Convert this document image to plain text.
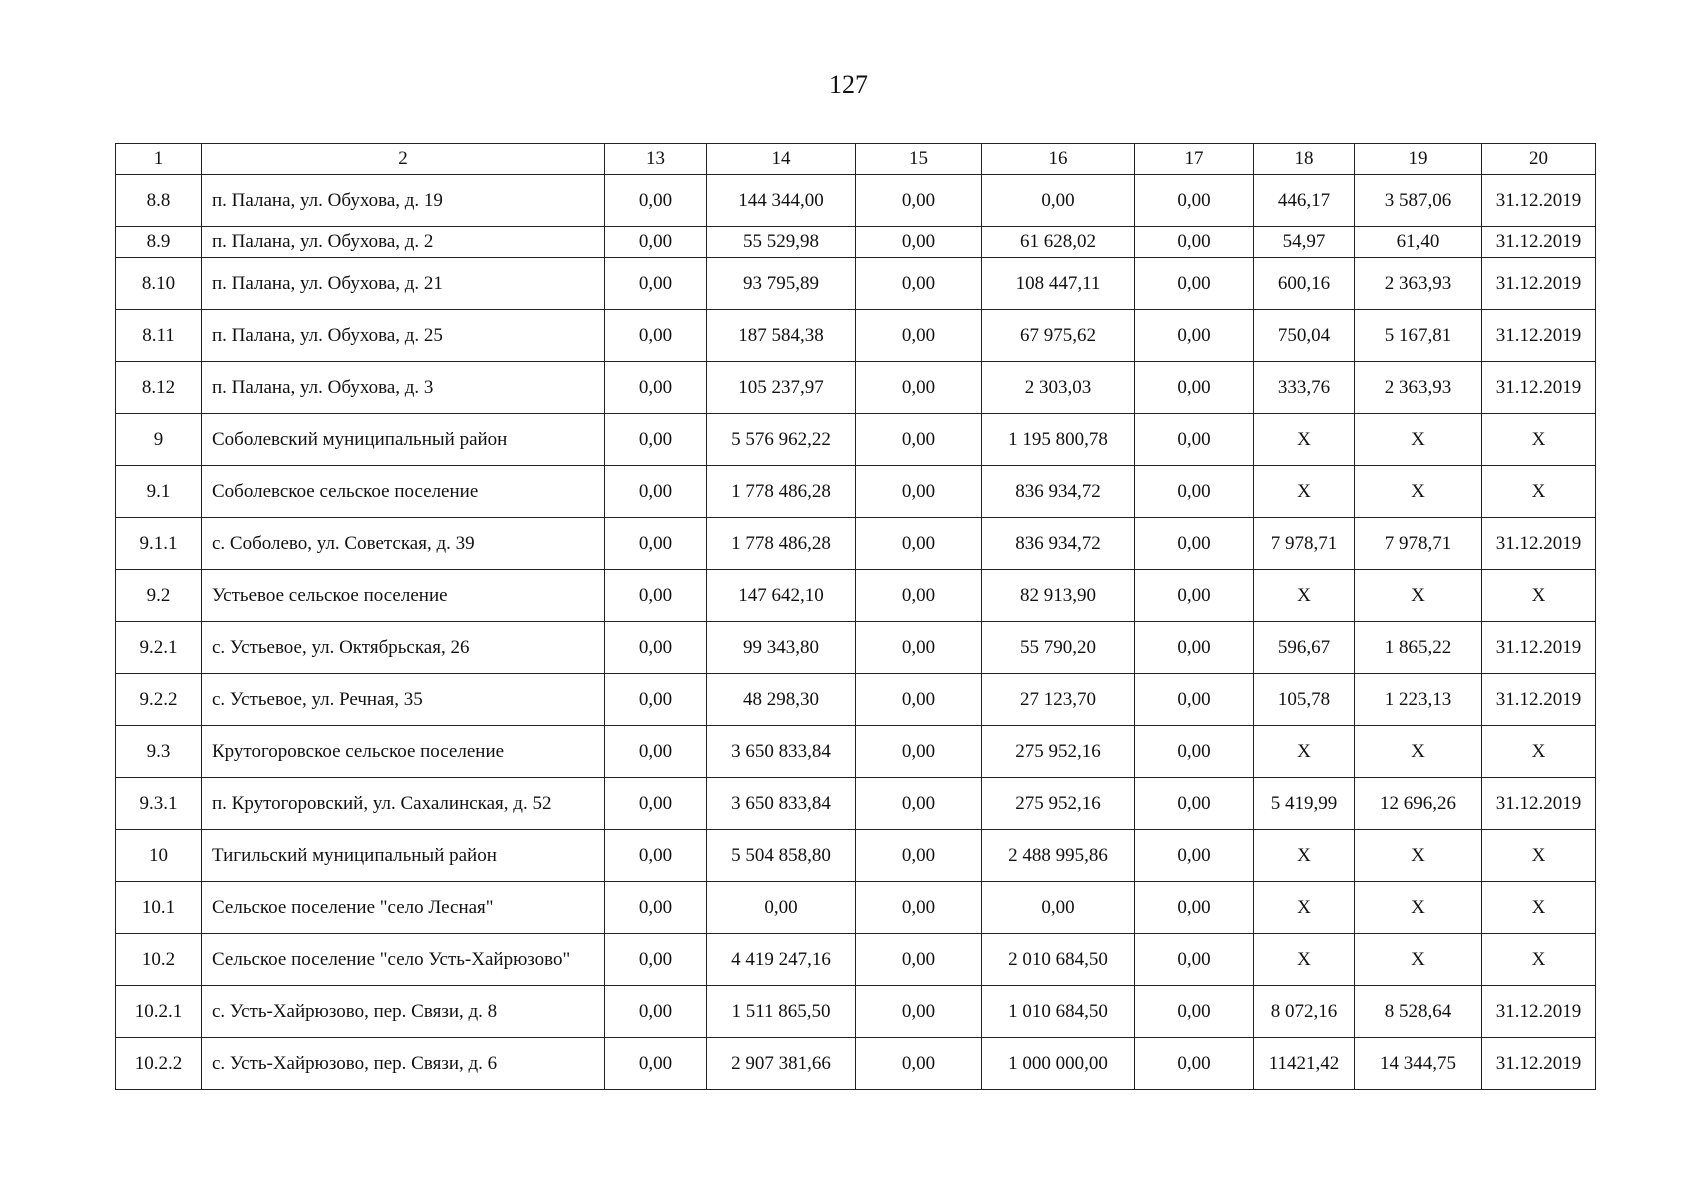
127
1	2	13	14	15	16	17	18	19	20
8.8	п. Палана, ул. Обухова, д. 19	0,00	144 344,00	0,00	0,00	0,00	446,17	3 587,06	31.12.2019
8.9	п. Палана, ул. Обухова, д. 2	0,00	55 529,98	0,00	61 628,02	0,00	54,97	61,40	31.12.2019
8.10	п. Палана, ул. Обухова, д. 21	0,00	93 795,89	0,00	108 447,11	0,00	600,16	2 363,93	31.12.2019
8.11	п. Палана, ул. Обухова, д. 25	0,00	187 584,38	0,00	67 975,62	0,00	750,04	5 167,81	31.12.2019
8.12	п. Палана, ул. Обухова, д. 3	0,00	105 237,97	0,00	2 303,03	0,00	333,76	2 363,93	31.12.2019
9	Соболевский муниципальный район	0,00	5 576 962,22	0,00	1 195 800,78	0,00	X	X	X
9.1	Соболевское сельское поселение	0,00	1 778 486,28	0,00	836 934,72	0,00	X	X	X
9.1.1	с. Соболево, ул. Советская, д. 39	0,00	1 778 486,28	0,00	836 934,72	0,00	7 978,71	7 978,71	31.12.2019
9.2	Устьевое сельское поселение	0,00	147 642,10	0,00	82 913,90	0,00	X	X	X
9.2.1	с. Устьевое, ул. Октябрьская, 26	0,00	99 343,80	0,00	55 790,20	0,00	596,67	1 865,22	31.12.2019
9.2.2	с. Устьевое, ул. Речная, 35	0,00	48 298,30	0,00	27 123,70	0,00	105,78	1 223,13	31.12.2019
9.3	Крутогоровское сельское поселение	0,00	3 650 833,84	0,00	275 952,16	0,00	X	X	X
9.3.1	п. Крутогоровский, ул. Сахалинская, д. 52	0,00	3 650 833,84	0,00	275 952,16	0,00	5 419,99	12 696,26	31.12.2019
10	Тигильский муниципальный район	0,00	5 504 858,80	0,00	2 488 995,86	0,00	X	X	X
10.1	Сельское поселение "село Лесная"	0,00	0,00	0,00	0,00	0,00	X	X	X
10.2	Сельское поселение "село Усть-Хайрюзово"	0,00	4 419 247,16	0,00	2 010 684,50	0,00	X	X	X
10.2.1	с. Усть-Хайрюзово, пер. Связи, д. 8	0,00	1 511 865,50	0,00	1 010 684,50	0,00	8 072,16	8 528,64	31.12.2019
10.2.2	с. Усть-Хайрюзово, пер. Связи, д. 6	0,00	2 907 381,66	0,00	1 000 000,00	0,00	11421,42	14 344,75	31.12.2019
